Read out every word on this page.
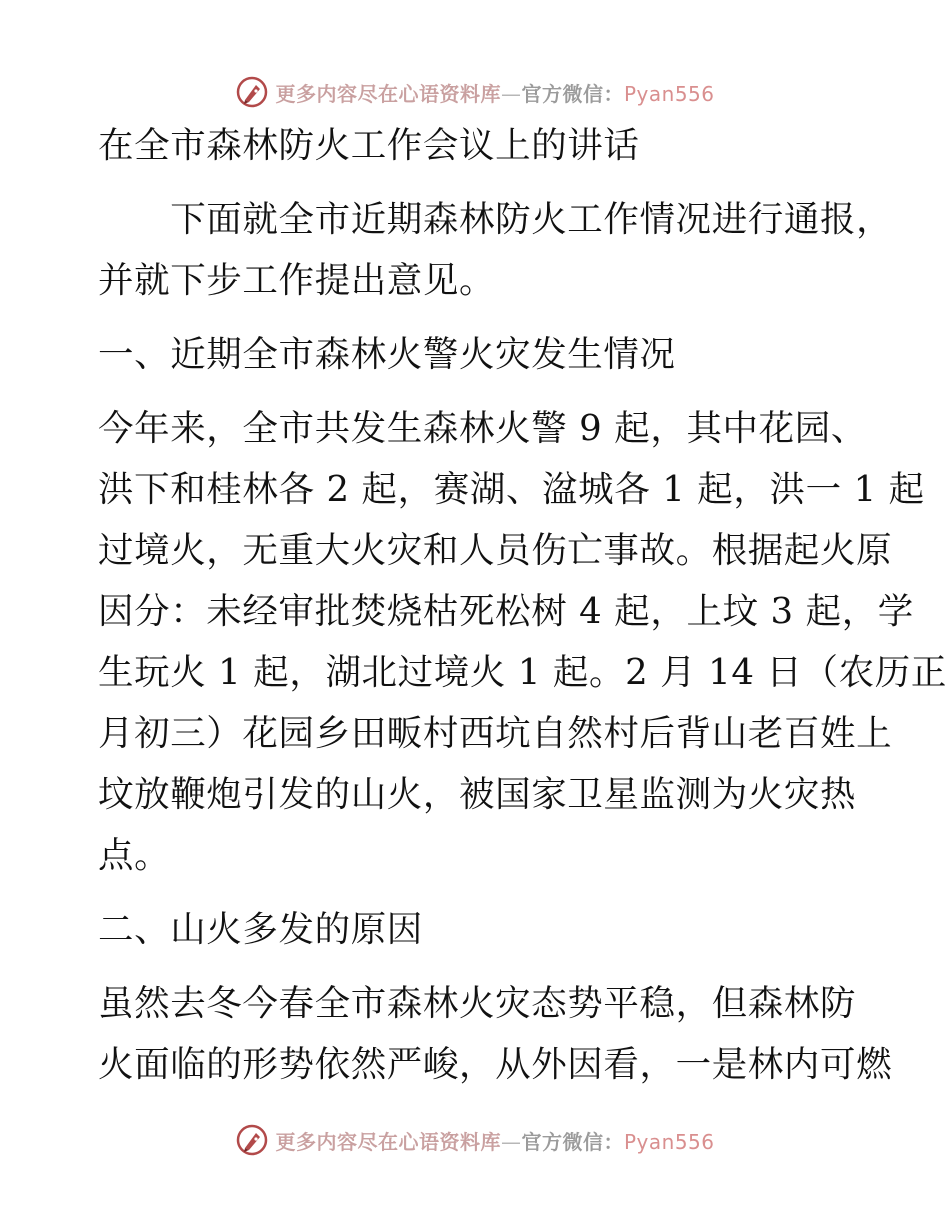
更多内容尽在心语资料库—官方微信：Pyan556
在全市森林防火工作会议上的讲话
　　下面就全市近期森林防火工作情况进行通报，
并就下步工作提出意见。
一、近期全市森林火警火灾发生情况
今年来，全市共发生森林火警 9 起，其中花园、
洪下和桂林各 2 起，赛湖、湓城各 1 起，洪一 1 起
过境火，无重大火灾和人员伤亡事故。根据起火原
因分：未经审批焚烧枯死松树 4 起，上坟 3 起，学
生玩火 1 起，湖北过境火 1 起。2 月 14 日（农历正
月初三）花园乡田畈村西坑自然村后背山老百姓上
坟放鞭炮引发的山火，被国家卫星监测为火灾热
点。
二、山火多发的原因
虽然去冬今春全市森林火灾态势平稳，但森林防
火面临的形势依然严峻，从外因看，一是林内可燃
更多内容尽在心语资料库—官方微信：Pyan556
